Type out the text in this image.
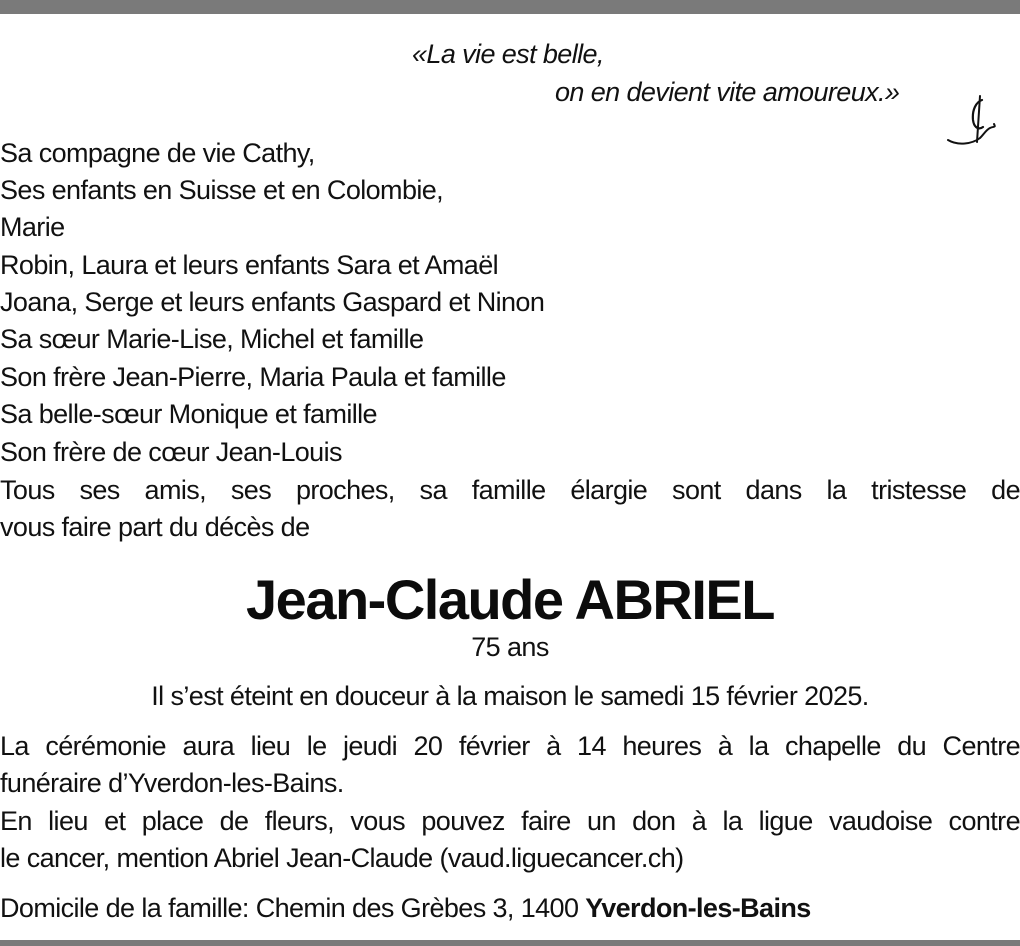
«La vie est belle,
on en devient vite amoureux.»
Sa compagne de vie Cathy,
Ses enfants en Suisse et en Colombie,
Marie
Robin, Laura et leurs enfants Sara et Amaël
Joana, Serge et leurs enfants Gaspard et Ninon
Sa sœur Marie-Lise, Michel et famille
Son frère Jean-Pierre, Maria Paula et famille
Sa belle-sœur Monique et famille
Son frère de cœur Jean-Louis
Tous ses amis, ses proches, sa famille élargie sont dans la tristesse de
vous faire part du décès de
Jean-Claude ABRIEL
75 ans
Il s’est éteint en douceur à la maison le samedi 15 février 2025.
La cérémonie aura lieu le jeudi 20 février à 14 heures à la chapelle du Centre
funéraire d’Yverdon-les-Bains.
En lieu et place de fleurs, vous pouvez faire un don à la ligue vaudoise contre
le cancer, mention Abriel Jean-Claude (vaud.liguecancer.ch)
Domicile de la famille: Chemin des Grèbes 3, 1400 Yverdon-les-Bains
